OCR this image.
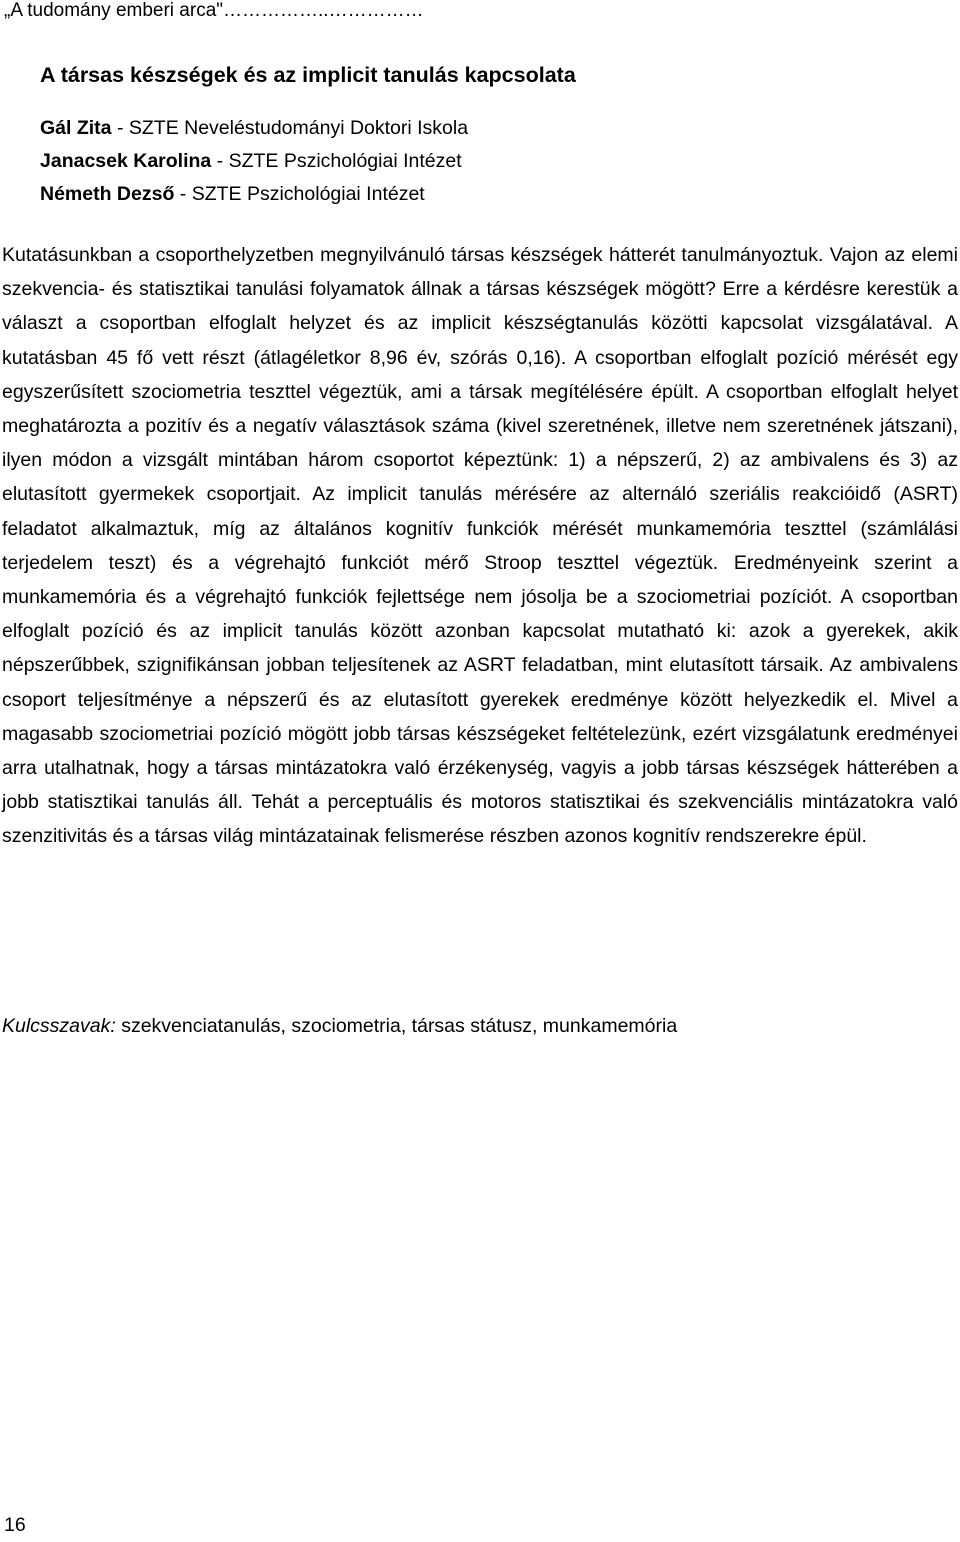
„A tudomány emberi arca"……………..……………
A társas készségek és az implicit tanulás kapcsolata
Gál Zita - SZTE Neveléstudományi Doktori Iskola
Janacsek Karolina - SZTE Pszichológiai Intézet
Németh Dezső - SZTE Pszichológiai Intézet

Kutatásunkban a csoporthelyzetben megnyilvánuló társas készségek hátterét tanulmányoztuk. Vajon az elemi szekvencia- és statisztikai tanulási folyamatok állnak a társas készségek mögött? Erre a kérdésre kerestük a választ a csoportban elfoglalt helyzet és az implicit készségtanulás közötti kapcsolat vizsgálatával. A kutatásban 45 fő vett részt (átlagéletkor 8,96 év, szórás 0,16). A csoportban elfoglalt pozíció mérését egy egyszerűsített szociometria teszttel végeztük, ami a társak megítélésére épült. A csoportban elfoglalt helyet meghatározta a pozitív és a negatív választások száma (kivel szeretnének, illetve nem szeretnének játszani), ilyen módon a vizsgált mintában három csoportot képeztünk: 1) a népszerű, 2) az ambivalens és 3) az elutasított gyermekek csoportjait. Az implicit tanulás mérésére az alternáló szeriális reakcióidő (ASRT) feladatot alkalmaztuk, míg az általános kognitív funkciók mérését munkamemória teszttel (számlálási terjedelem teszt) és a végrehajtó funkciót mérő Stroop teszttel végeztük. Eredményeink szerint a munkamemória és a végrehajtó funkciók fejlettsége nem jósolja be a szociometriai pozíciót. A csoportban elfoglalt pozíció és az implicit tanulás között azonban kapcsolat mutatható ki: azok a gyerekek, akik népszerűbbek, szignifikánsan jobban teljesítenek az ASRT feladatban, mint elutasított társaik. Az ambivalens csoport teljesítménye a népszerű és az elutasított gyerekek eredménye között helyezkedik el. Mivel a magasabb szociometriai pozíció mögött jobb társas készségeket feltételezünk, ezért vizsgálatunk eredményei arra utalhatnak, hogy a társas mintázatokra való érzékenység, vagyis a jobb társas készségek hátterében a jobb statisztikai tanulás áll. Tehát a perceptuális és motoros statisztikai és szekvenciális mintázatokra való szenzitivitás és a társas világ mintázatainak felismerése részben azonos kognitív rendszerekre épül.

Kulcsszavak: szekvenciatanulás, szociometria, társas státusz, munkamemória
16
